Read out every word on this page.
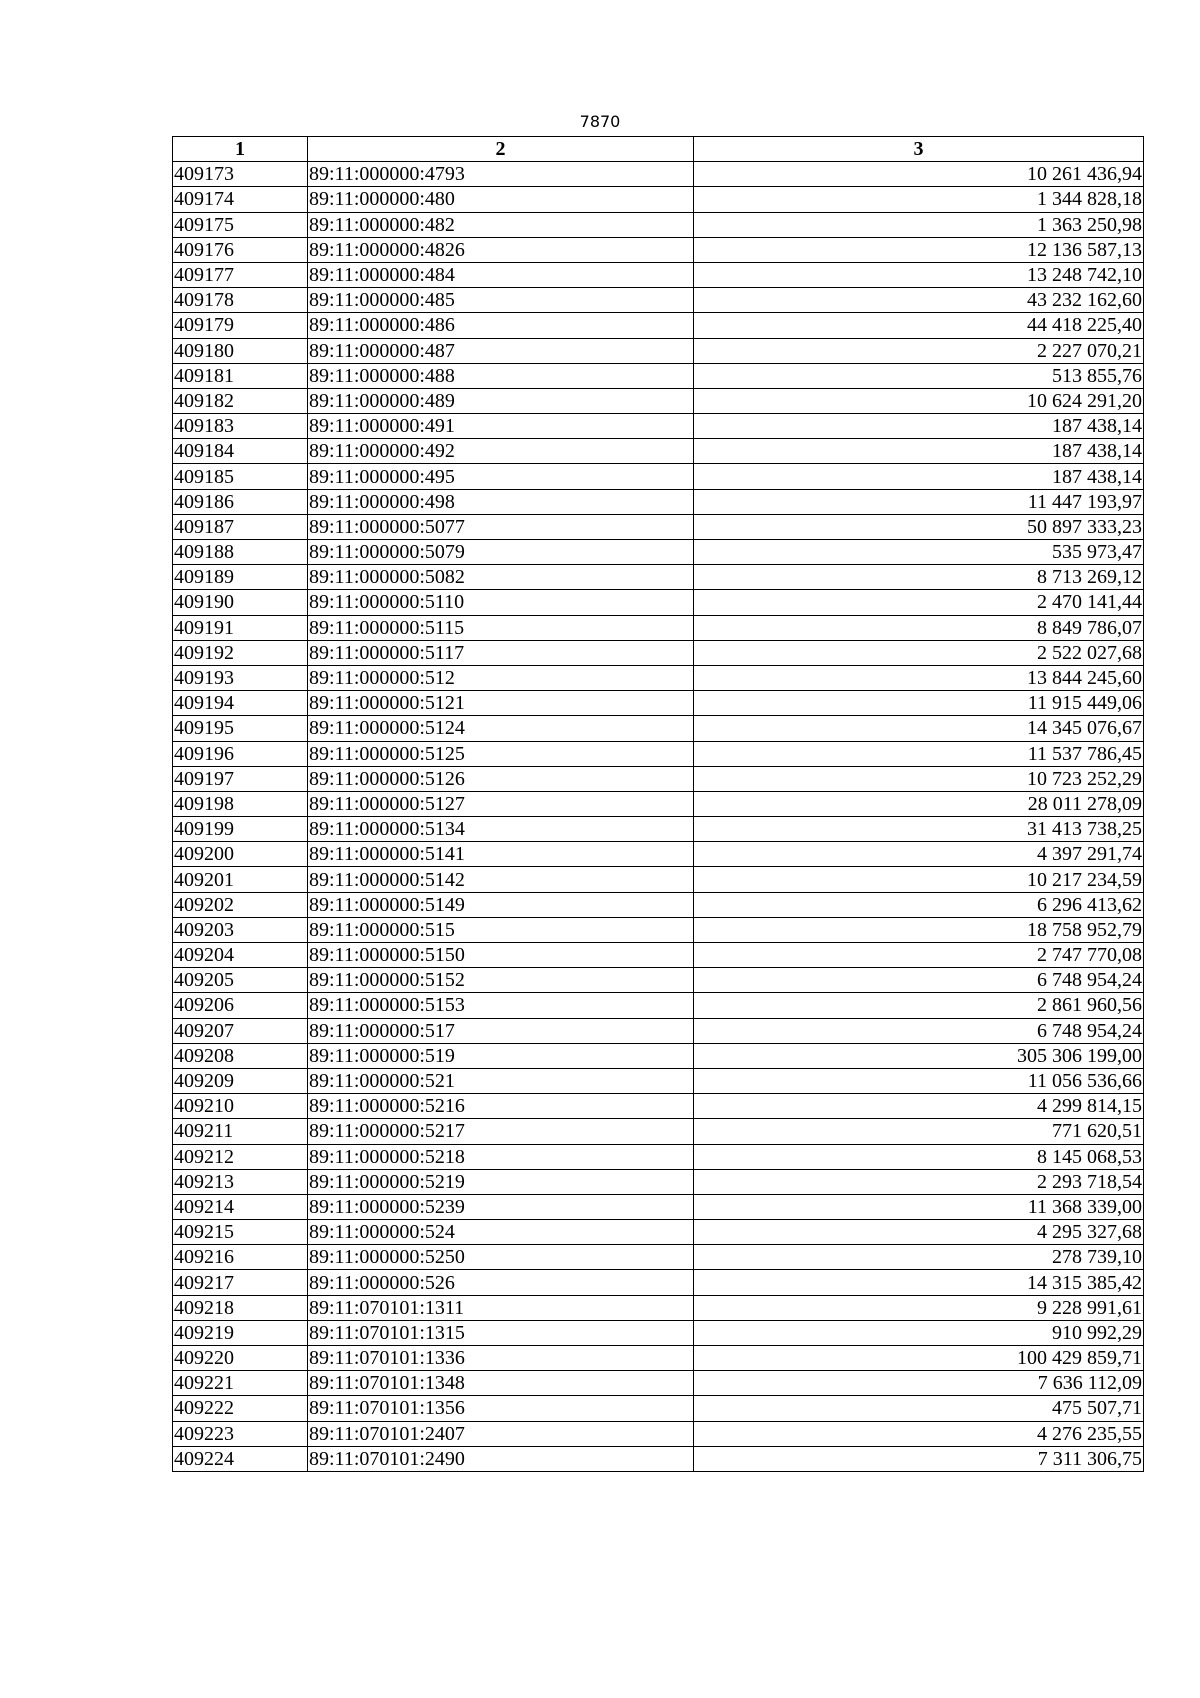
7870
1	2	3
409173	89:11:000000:4793	10 261 436,94
409174	89:11:000000:480	1 344 828,18
409175	89:11:000000:482	1 363 250,98
409176	89:11:000000:4826	12 136 587,13
409177	89:11:000000:484	13 248 742,10
409178	89:11:000000:485	43 232 162,60
409179	89:11:000000:486	44 418 225,40
409180	89:11:000000:487	2 227 070,21
409181	89:11:000000:488	513 855,76
409182	89:11:000000:489	10 624 291,20
409183	89:11:000000:491	187 438,14
409184	89:11:000000:492	187 438,14
409185	89:11:000000:495	187 438,14
409186	89:11:000000:498	11 447 193,97
409187	89:11:000000:5077	50 897 333,23
409188	89:11:000000:5079	535 973,47
409189	89:11:000000:5082	8 713 269,12
409190	89:11:000000:5110	2 470 141,44
409191	89:11:000000:5115	8 849 786,07
409192	89:11:000000:5117	2 522 027,68
409193	89:11:000000:512	13 844 245,60
409194	89:11:000000:5121	11 915 449,06
409195	89:11:000000:5124	14 345 076,67
409196	89:11:000000:5125	11 537 786,45
409197	89:11:000000:5126	10 723 252,29
409198	89:11:000000:5127	28 011 278,09
409199	89:11:000000:5134	31 413 738,25
409200	89:11:000000:5141	4 397 291,74
409201	89:11:000000:5142	10 217 234,59
409202	89:11:000000:5149	6 296 413,62
409203	89:11:000000:515	18 758 952,79
409204	89:11:000000:5150	2 747 770,08
409205	89:11:000000:5152	6 748 954,24
409206	89:11:000000:5153	2 861 960,56
409207	89:11:000000:517	6 748 954,24
409208	89:11:000000:519	305 306 199,00
409209	89:11:000000:521	11 056 536,66
409210	89:11:000000:5216	4 299 814,15
409211	89:11:000000:5217	771 620,51
409212	89:11:000000:5218	8 145 068,53
409213	89:11:000000:5219	2 293 718,54
409214	89:11:000000:5239	11 368 339,00
409215	89:11:000000:524	4 295 327,68
409216	89:11:000000:5250	278 739,10
409217	89:11:000000:526	14 315 385,42
409218	89:11:070101:1311	9 228 991,61
409219	89:11:070101:1315	910 992,29
409220	89:11:070101:1336	100 429 859,71
409221	89:11:070101:1348	7 636 112,09
409222	89:11:070101:1356	475 507,71
409223	89:11:070101:2407	4 276 235,55
409224	89:11:070101:2490	7 311 306,75
